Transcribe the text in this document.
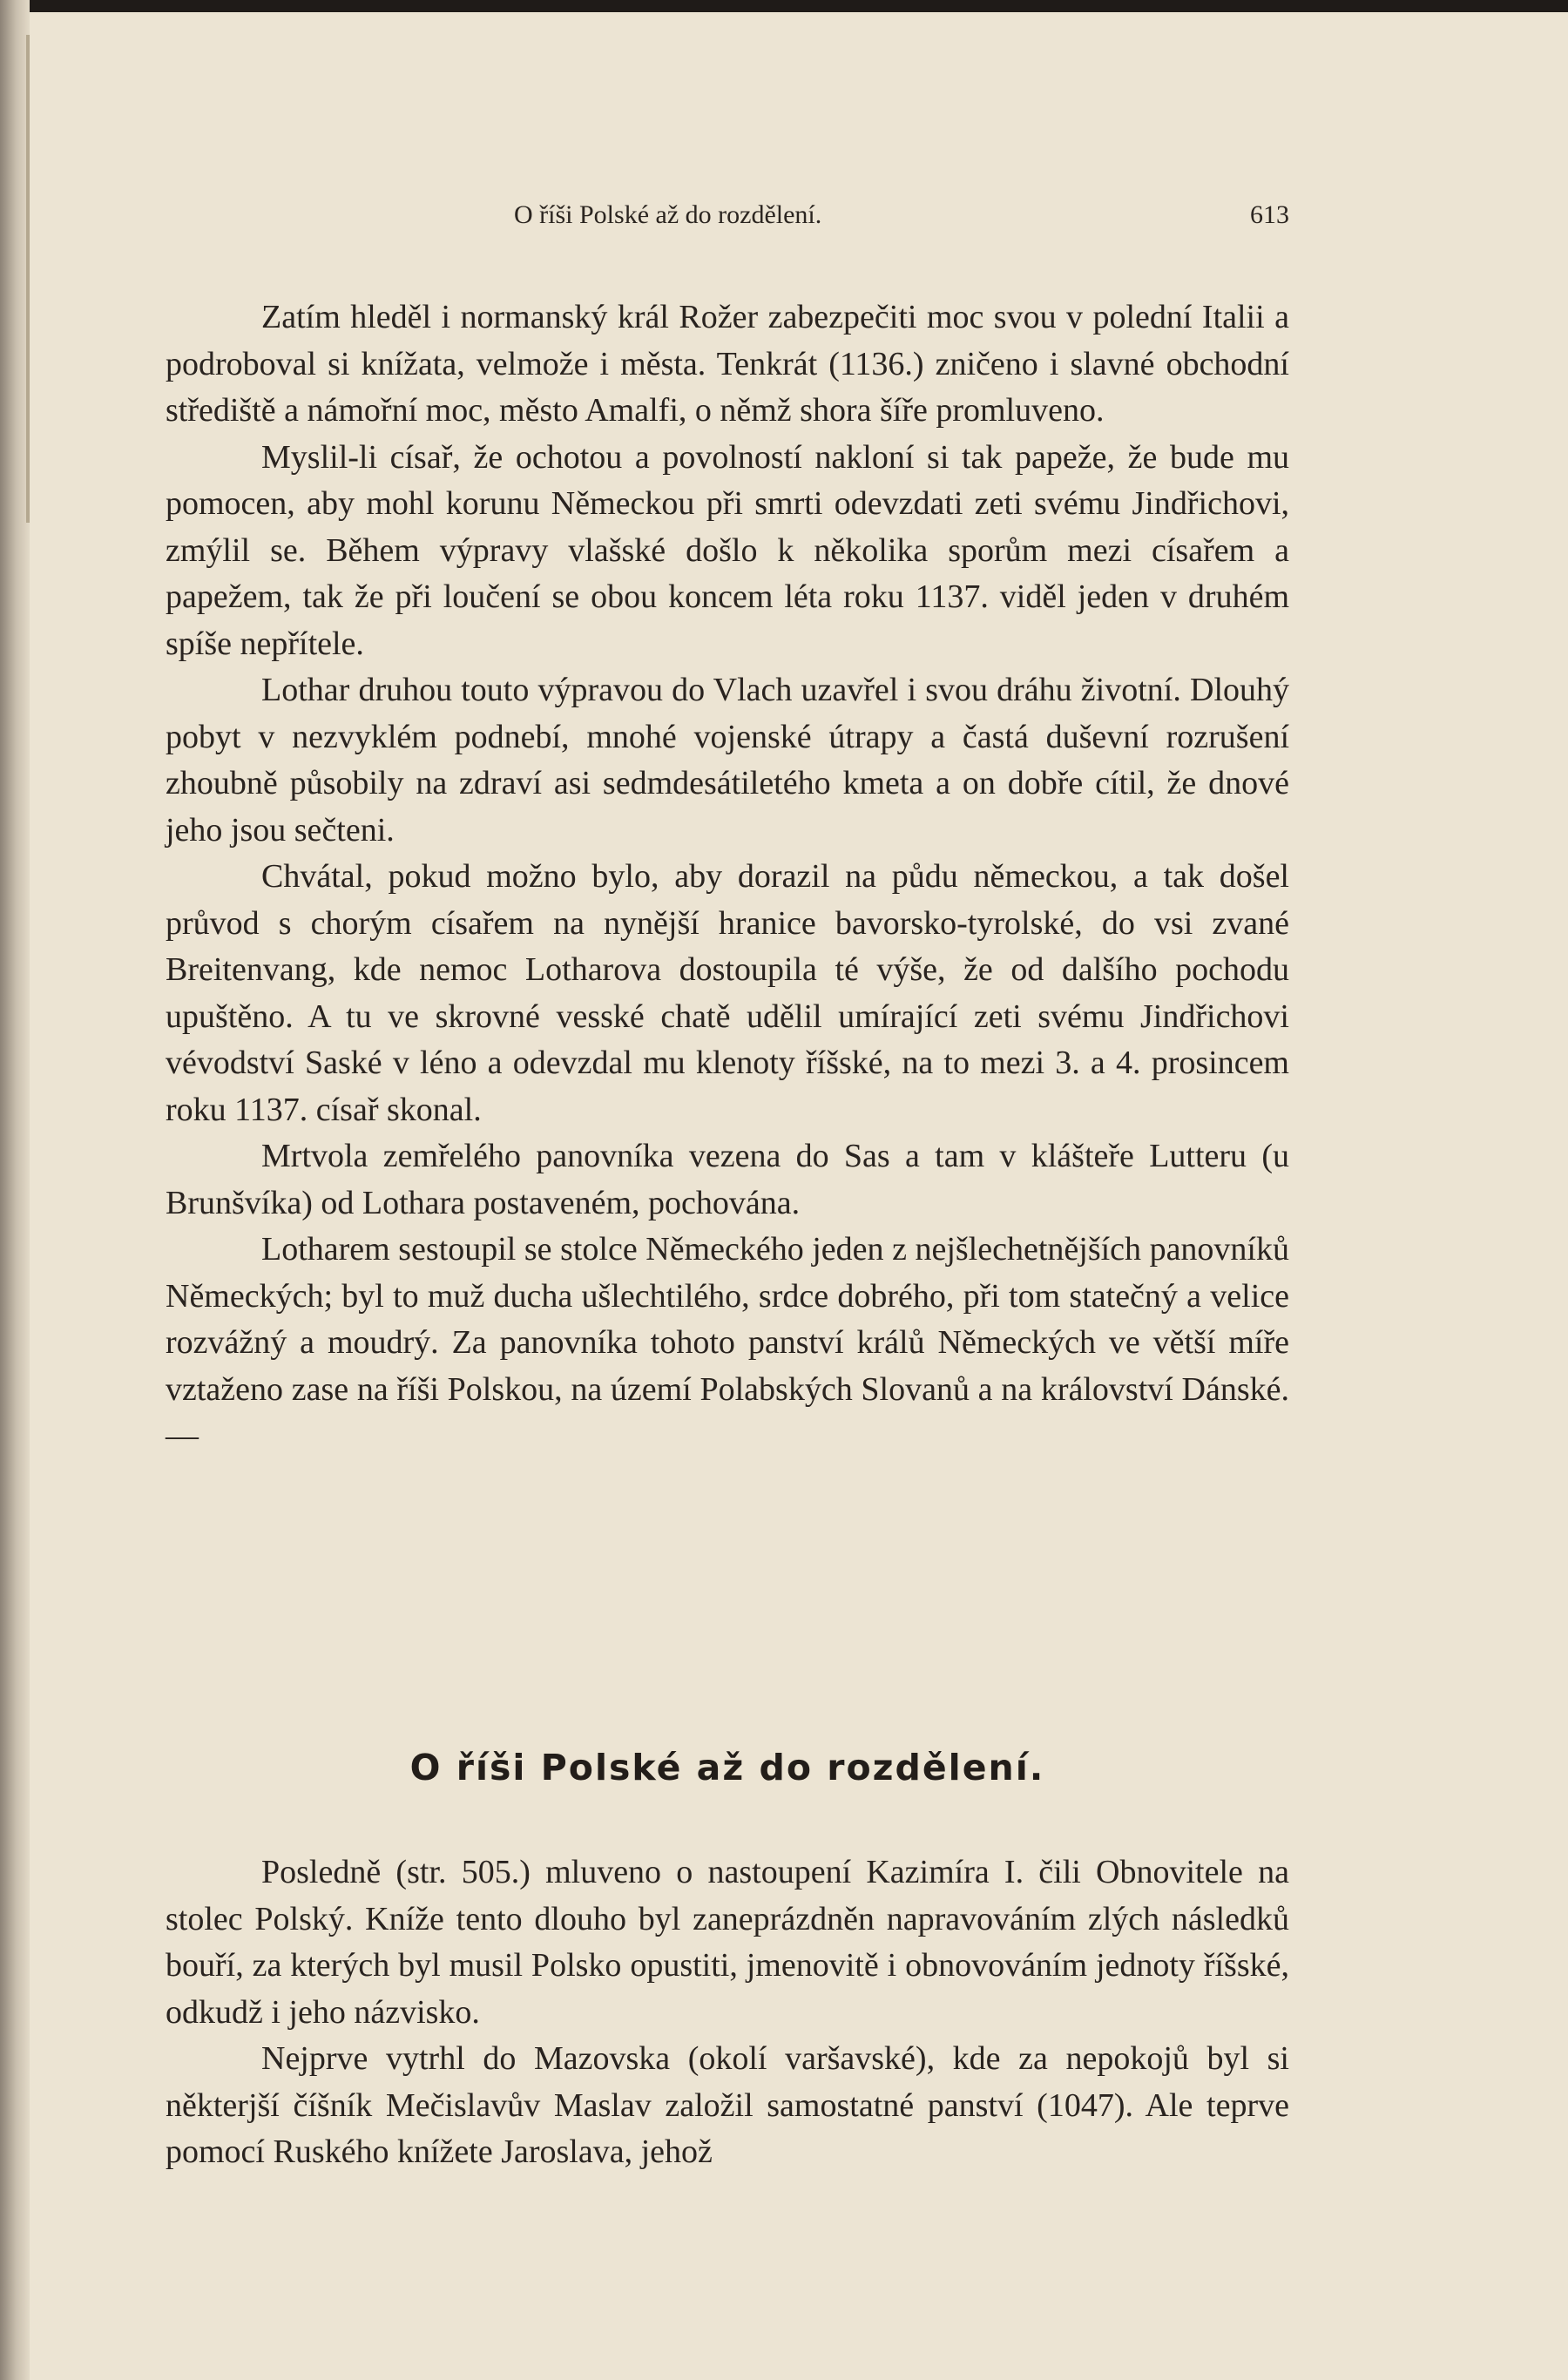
O říši Polské až do rozdělení.	613

Zatím hleděl i normanský král Rožer zabezpečiti moc svou v polední Italii a podroboval si knížata, velmože i města. Tenkrát (1136.) zničeno i slavné obchodní střediště a námořní moc, město Amalfi, o němž shora šíře promluveno.

Myslil-li císař, že ochotou a povolností nakloní si tak papeže, že bude mu pomocen, aby mohl korunu Německou při smrti odevzdati zeti svému Jindřichovi, zmýlil se. Během výpravy vlašské došlo k několika sporům mezi císařem a papežem, tak že při loučení se obou koncem léta roku 1137. viděl jeden v druhém spíše nepřítele.

Lothar druhou touto výpravou do Vlach uzavřel i svou dráhu životní. Dlouhý pobyt v nezvyklém podnebí, mnohé vojenské útrapy a častá duševní rozrušení zhoubně působily na zdraví asi sedmdesátiletého kmeta a on dobře cítil, že dnové jeho jsou sečteni.

Chvátal, pokud možno bylo, aby dorazil na půdu německou, a tak došel průvod s chorým císařem na nynější hranice bavorsko-tyrolské, do vsi zvané Breitenvang, kde nemoc Lotharova dostoupila té výše, že od dalšího pochodu upuštěno. A tu ve skrovné vesské chatě udělil umírající zeti svému Jindřichovi vévodství Saské v léno a odevzdal mu klenoty říšské, na to mezi 3. a 4. prosincem roku 1137. císař skonal.

Mrtvola zemřelého panovníka vezena do Sas a tam v klášteře Lutteru (u Brunšvíka) od Lothara postaveném, pochována.

Lotharem sestoupil se stolce Německého jeden z nejšlechetnějších panovníků Německých; byl to muž ducha ušlechtilého, srdce dobrého, při tom statečný a velice rozvážný a moudrý. Za panovníka tohoto panství králů Německých ve větší míře vztaženo zase na říši Polskou, na území Polabských Slovanů a na království Dánské. —

O říši Polské až do rozdělení.

Posledně (str. 505.) mluveno o nastoupení Kazimíra I. čili Obnovitele na stolec Polský. Kníže tento dlouho byl zaneprázdněn napravováním zlých následků bouří, za kterých byl musil Polsko opustiti, jmenovitě i obnovováním jednoty říšské, odkudž i jeho názvisko.

Nejprve vytrhl do Mazovska (okolí varšavské), kde za nepokojů byl si některjší číšník Mečislavův Maslav založil samostatné panství (1047). Ale teprve pomocí Ruského knížete Jaroslava, jehož
